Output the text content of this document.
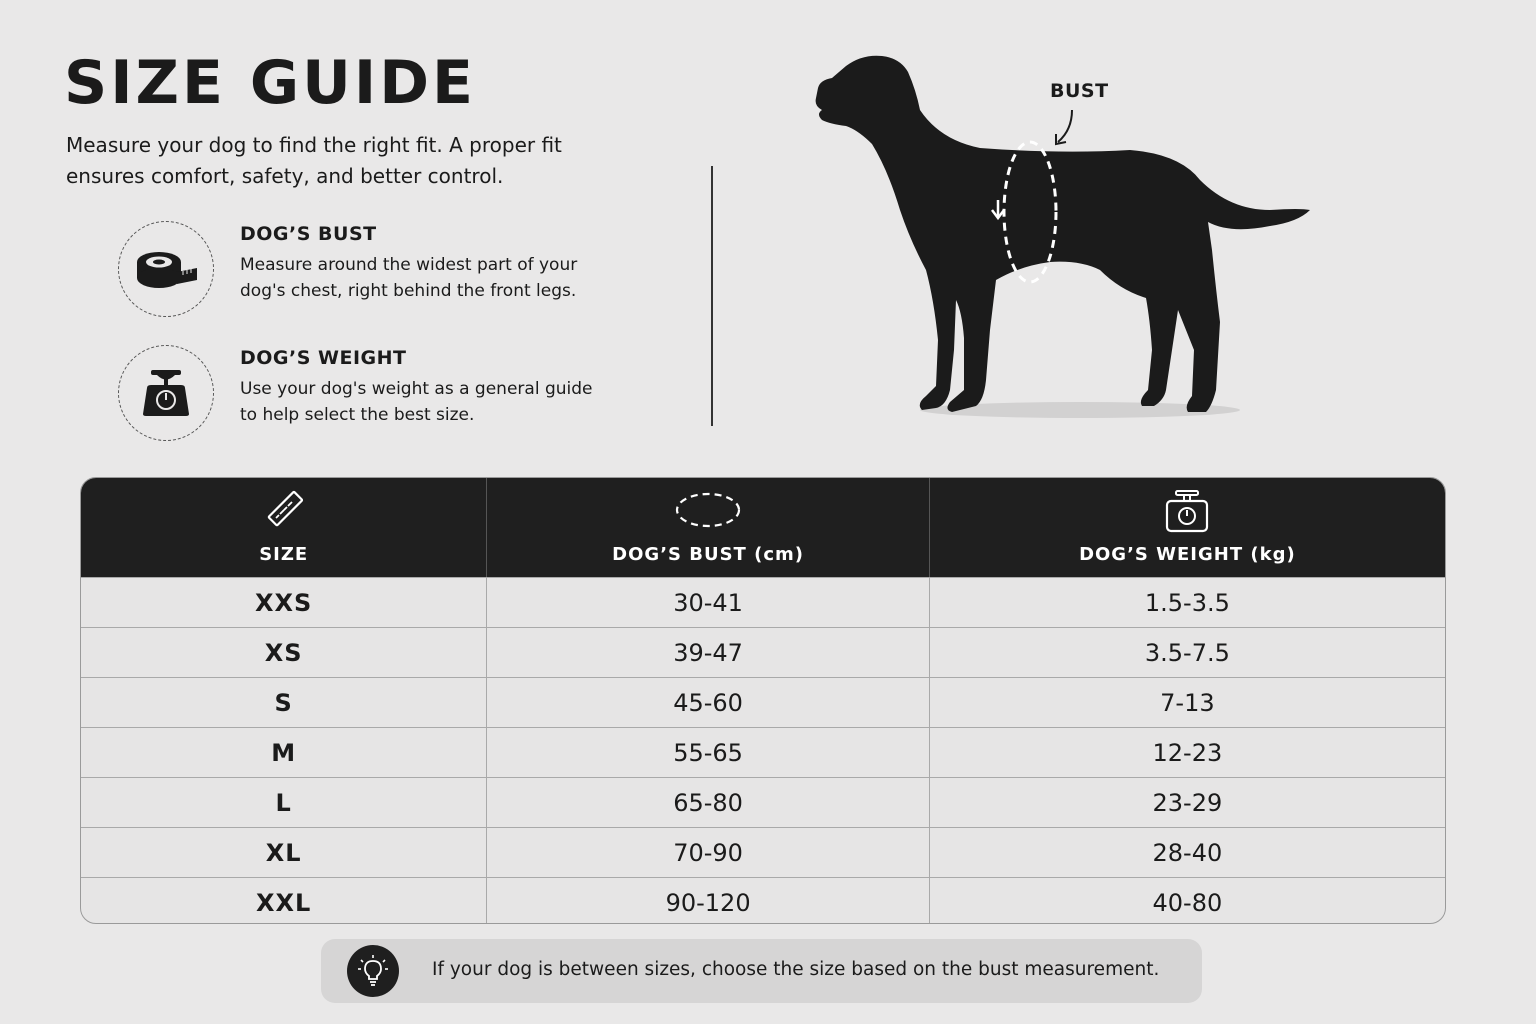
SIZE GUIDE

Measure your dog to find the right fit. A proper fit ensures comfort, safety, and better control.

DOG’S BUST

Measure around the widest part of your dog's chest, right behind the front legs.

DOG’S WEIGHT

Use your dog's weight as a general guide to help select the best size.

BUST
SIZE	DOG’S BUST (cm)	DOG’S WEIGHT (kg)
XXS	30-41	1.5-3.5
XS	39-47	3.5-7.5
S	45-60	7-13
M	55-65	12-23
L	65-80	23-29
XL	70-90	28-40
XXL	90-120	40-80
If your dog is between sizes, choose the size based on the bust measurement.
